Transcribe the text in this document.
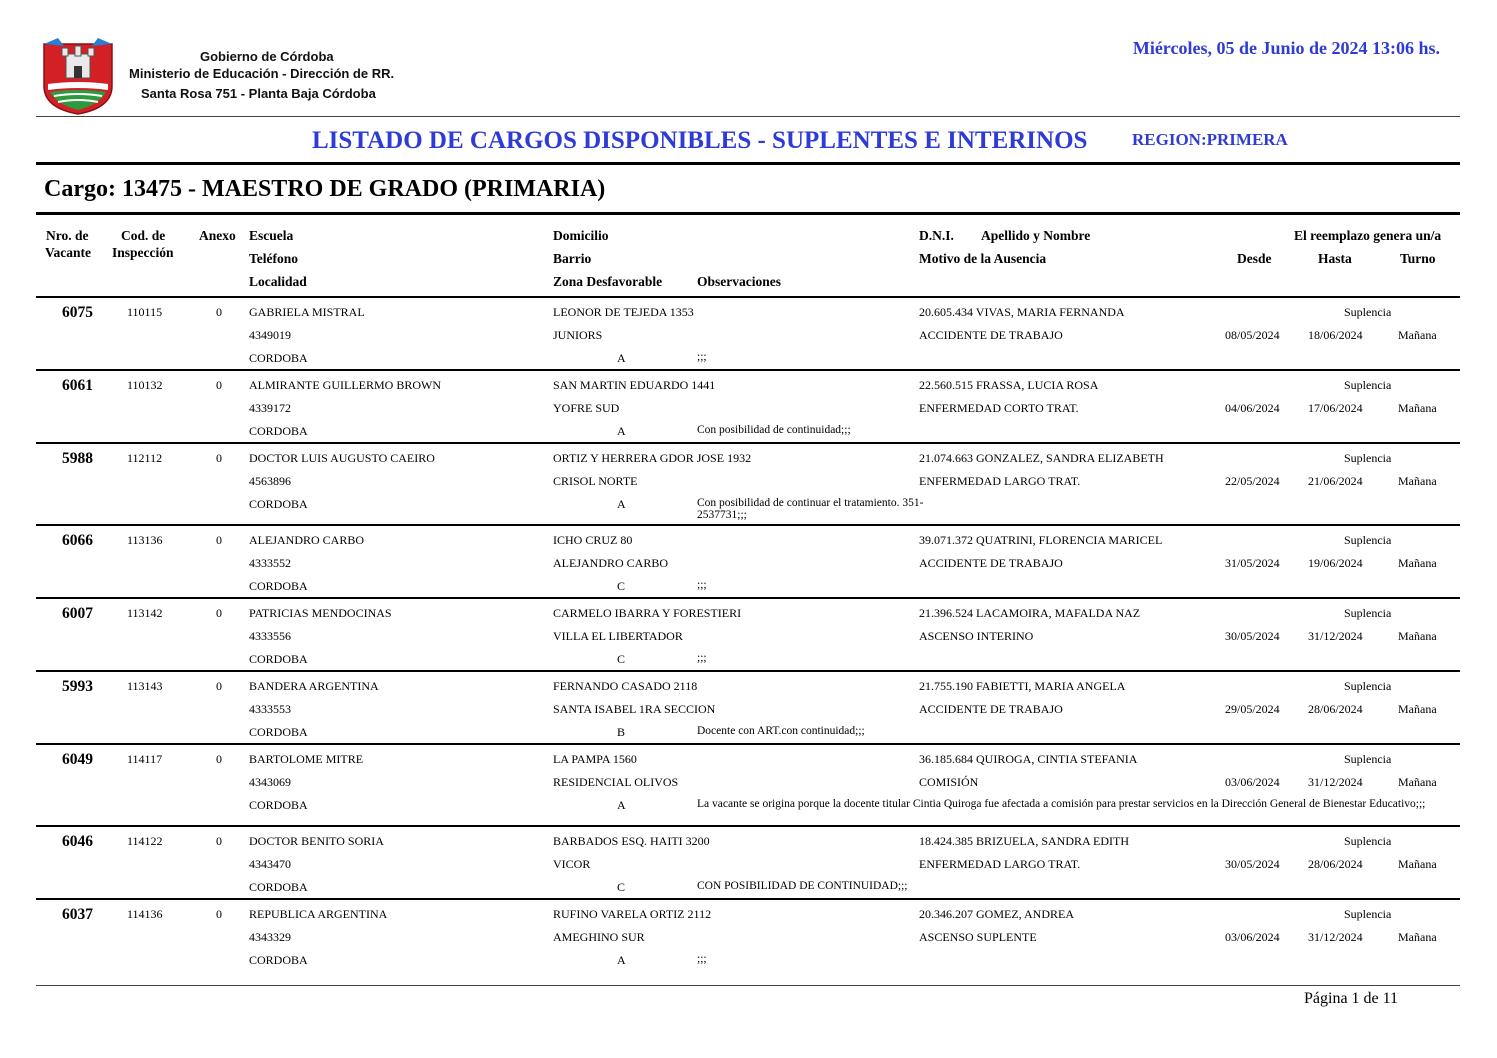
Gobierno de Córdoba
Ministerio de Educación - Dirección de RR.
Santa Rosa 751 - Planta Baja Córdoba
Miércoles, 05 de Junio de 2024 13:06 hs.
LISTADO DE CARGOS DISPONIBLES - SUPLENTES E INTERINOS	REGION:PRIMERA
Cargo: 13475 - MAESTRO DE GRADO (PRIMARIA)
Nro. de
Vacante
Cod. de
Inspección
Anexo Escuela
Teléfono
Localidad
Domicilio
Barrio
Zona Desfavorable	Observaciones
D.N.I. Apellido y Nombre
Motivo de la Ausencia
El reemplazo genera un/a
Desde	Hasta	Turno
6075	110115	0 GABRIELA MISTRAL	LEONOR DE TEJEDA 1353	20.605.434 VIVAS, MARIA FERNANDA	Suplencia
4349019	JUNIORS	ACCIDENTE DE TRABAJO	08/05/2024 18/06/2024	Mañana
CORDOBA	A	;;;
6061	110132	0 ALMIRANTE GUILLERMO BROWN	SAN MARTIN EDUARDO 1441	22.560.515 FRASSA, LUCIA ROSA	Suplencia
4339172	YOFRE SUD	ENFERMEDAD CORTO TRAT.	04/06/2024 17/06/2024	Mañana
CORDOBA	A	Con posibilidad de continuidad;;;
5988	112112	0 DOCTOR LUIS AUGUSTO CAEIRO	ORTIZ Y HERRERA GDOR JOSE 1932	21.074.663 GONZALEZ, SANDRA ELIZABETH	Suplencia
4563896	CRISOL NORTE	ENFERMEDAD LARGO TRAT.	22/05/2024 21/06/2024	Mañana
CORDOBA	A	Con posibilidad de continuar el tratamiento. 351-2537731;;;
6066	113136	0 ALEJANDRO CARBO	ICHO CRUZ 80	39.071.372 QUATRINI, FLORENCIA MARICEL	Suplencia
4333552	ALEJANDRO CARBO	ACCIDENTE DE TRABAJO	31/05/2024 19/06/2024	Mañana
CORDOBA	C	;;;
6007	113142	0 PATRICIAS MENDOCINAS	CARMELO IBARRA Y FORESTIERI	21.396.524 LACAMOIRA, MAFALDA NAZ	Suplencia
4333556	VILLA EL LIBERTADOR	ASCENSO INTERINO	30/05/2024 31/12/2024	Mañana
CORDOBA	C	;;;
5993	113143	0 BANDERA ARGENTINA	FERNANDO CASADO 2118	21.755.190 FABIETTI, MARIA ANGELA	Suplencia
4333553	SANTA ISABEL 1RA SECCION	ACCIDENTE DE TRABAJO	29/05/2024 28/06/2024	Mañana
CORDOBA	B	Docente con ART.con continuidad;;;
6049	114117	0 BARTOLOME MITRE	LA PAMPA 1560	36.185.684 QUIROGA, CINTIA STEFANIA	Suplencia
4343069	RESIDENCIAL OLIVOS	COMISIÓN	03/06/2024 31/12/2024	Mañana
CORDOBA	A	La vacante se origina porque la docente titular Cintia Quiroga fue afectada a comisión para prestar servicios en la Dirección General de Bienestar Educativo;;;
6046	114122	0 DOCTOR BENITO SORIA	BARBADOS ESQ. HAITI 3200	18.424.385 BRIZUELA, SANDRA EDITH	Suplencia
4343470	VICOR	ENFERMEDAD LARGO TRAT.	30/05/2024 28/06/2024	Mañana
CORDOBA	C	CON POSIBILIDAD DE CONTINUIDAD;;;
6037	114136	0 REPUBLICA ARGENTINA	RUFINO VARELA ORTIZ 2112	20.346.207 GOMEZ, ANDREA	Suplencia
4343329	AMEGHINO SUR	ASCENSO SUPLENTE	03/06/2024 31/12/2024	Mañana
CORDOBA	A	;;;
Página 1 de 11
